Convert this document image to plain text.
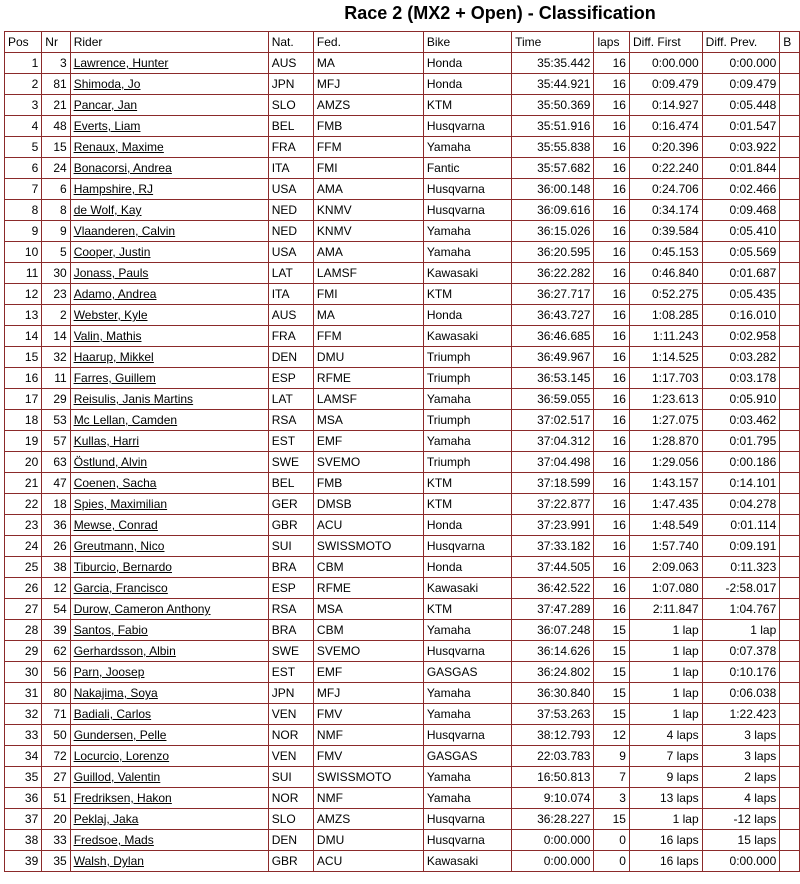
Race 2 (MX2 + Open) - Classification
Pos	Nr	Rider	Nat.	Fed.	Bike	Time	laps	Diff. First	Diff. Prev.	B
1	3	Lawrence, Hunter	AUS	MA	Honda	35:35.442	16	0:00.000	0:00.000	
2	81	Shimoda, Jo	JPN	MFJ	Honda	35:44.921	16	0:09.479	0:09.479	
3	21	Pancar, Jan	SLO	AMZS	KTM	35:50.369	16	0:14.927	0:05.448	
4	48	Everts, Liam	BEL	FMB	Husqvarna	35:51.916	16	0:16.474	0:01.547	
5	15	Renaux, Maxime	FRA	FFM	Yamaha	35:55.838	16	0:20.396	0:03.922	
6	24	Bonacorsi, Andrea	ITA	FMI	Fantic	35:57.682	16	0:22.240	0:01.844	
7	6	Hampshire, RJ	USA	AMA	Husqvarna	36:00.148	16	0:24.706	0:02.466	
8	8	de Wolf, Kay	NED	KNMV	Husqvarna	36:09.616	16	0:34.174	0:09.468	
9	9	Vlaanderen, Calvin	NED	KNMV	Yamaha	36:15.026	16	0:39.584	0:05.410	
10	5	Cooper, Justin	USA	AMA	Yamaha	36:20.595	16	0:45.153	0:05.569	
11	30	Jonass, Pauls	LAT	LAMSF	Kawasaki	36:22.282	16	0:46.840	0:01.687	
12	23	Adamo, Andrea	ITA	FMI	KTM	36:27.717	16	0:52.275	0:05.435	
13	2	Webster, Kyle	AUS	MA	Honda	36:43.727	16	1:08.285	0:16.010	
14	14	Valin, Mathis	FRA	FFM	Kawasaki	36:46.685	16	1:11.243	0:02.958	
15	32	Haarup, Mikkel	DEN	DMU	Triumph	36:49.967	16	1:14.525	0:03.282	
16	11	Farres, Guillem	ESP	RFME	Triumph	36:53.145	16	1:17.703	0:03.178	
17	29	Reisulis, Janis Martins	LAT	LAMSF	Yamaha	36:59.055	16	1:23.613	0:05.910	
18	53	Mc Lellan, Camden	RSA	MSA	Triumph	37:02.517	16	1:27.075	0:03.462	
19	57	Kullas, Harri	EST	EMF	Yamaha	37:04.312	16	1:28.870	0:01.795	
20	63	Östlund, Alvin	SWE	SVEMO	Triumph	37:04.498	16	1:29.056	0:00.186	
21	47	Coenen, Sacha	BEL	FMB	KTM	37:18.599	16	1:43.157	0:14.101	
22	18	Spies, Maximilian	GER	DMSB	KTM	37:22.877	16	1:47.435	0:04.278	
23	36	Mewse, Conrad	GBR	ACU	Honda	37:23.991	16	1:48.549	0:01.114	
24	26	Greutmann, Nico	SUI	SWISSMOTO	Husqvarna	37:33.182	16	1:57.740	0:09.191	
25	38	Tiburcio, Bernardo	BRA	CBM	Honda	37:44.505	16	2:09.063	0:11.323	
26	12	Garcia, Francisco	ESP	RFME	Kawasaki	36:42.522	16	1:07.080	-2:58.017	
27	54	Durow, Cameron Anthony	RSA	MSA	KTM	37:47.289	16	2:11.847	1:04.767	
28	39	Santos, Fabio	BRA	CBM	Yamaha	36:07.248	15	1 lap	1 lap	
29	62	Gerhardsson, Albin	SWE	SVEMO	Husqvarna	36:14.626	15	1 lap	0:07.378	
30	56	Parn, Joosep	EST	EMF	GASGAS	36:24.802	15	1 lap	0:10.176	
31	80	Nakajima, Soya	JPN	MFJ	Yamaha	36:30.840	15	1 lap	0:06.038	
32	71	Badiali, Carlos	VEN	FMV	Yamaha	37:53.263	15	1 lap	1:22.423	
33	50	Gundersen, Pelle	NOR	NMF	Husqvarna	38:12.793	12	4 laps	3 laps	
34	72	Locurcio, Lorenzo	VEN	FMV	GASGAS	22:03.783	9	7 laps	3 laps	
35	27	Guillod, Valentin	SUI	SWISSMOTO	Yamaha	16:50.813	7	9 laps	2 laps	
36	51	Fredriksen, Hakon	NOR	NMF	Yamaha	9:10.074	3	13 laps	4 laps	
37	20	Peklaj, Jaka	SLO	AMZS	Husqvarna	36:28.227	15	1 lap	-12 laps	
38	33	Fredsoe, Mads	DEN	DMU	Husqvarna	0:00.000	0	16 laps	15 laps	
39	35	Walsh, Dylan	GBR	ACU	Kawasaki	0:00.000	0	16 laps	0:00.000	
